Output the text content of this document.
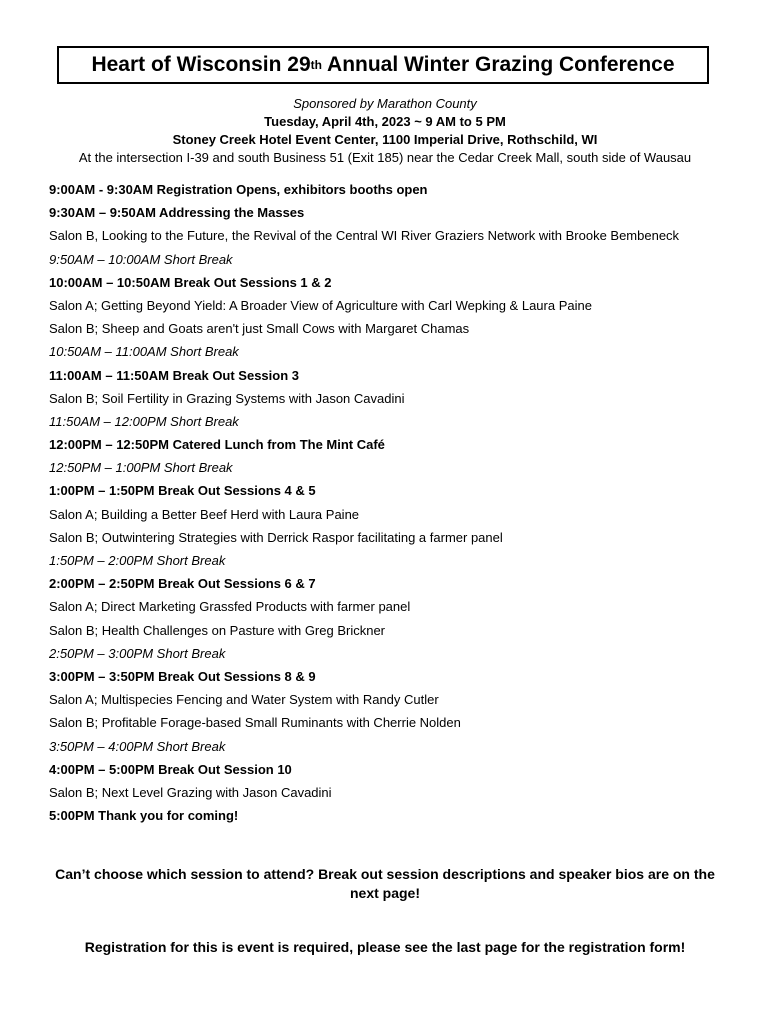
Heart of Wisconsin 29 th Annual Winter Grazing Conference
Sponsored by Marathon County
Tuesday, April 4th, 2023 ~ 9 AM to 5 PM
Stoney Creek Hotel Event Center, 1100 Imperial Drive, Rothschild, WI
At the intersection I-39 and south Business 51 (Exit 185) near the Cedar Creek Mall, south side of Wausau
9:00AM - 9:30AM Registration Opens, exhibitors booths open
9:30AM – 9:50AM Addressing the Masses
Salon B, Looking to the Future, the Revival of the Central WI River Graziers Network with Brooke Bembeneck
9:50AM – 10:00AM Short Break
10:00AM – 10:50AM Break Out Sessions 1 & 2
Salon A; Getting Beyond Yield: A Broader View of Agriculture with Carl Wepking & Laura Paine
Salon B; Sheep and Goats aren't just Small Cows with Margaret Chamas
10:50AM – 11:00AM Short Break
11:00AM – 11:50AM Break Out Session 3
Salon B; Soil Fertility in Grazing Systems with Jason Cavadini
11:50AM – 12:00PM Short Break
12:00PM – 12:50PM Catered Lunch from The Mint Café
12:50PM – 1:00PM Short Break
1:00PM – 1:50PM Break Out Sessions 4 & 5
Salon A; Building a Better Beef Herd with Laura Paine
Salon B; Outwintering Strategies with Derrick Raspor facilitating a farmer panel
1:50PM – 2:00PM Short Break
2:00PM – 2:50PM Break Out Sessions 6 & 7
Salon A; Direct Marketing Grassfed Products with farmer panel
Salon B; Health Challenges on Pasture with Greg Brickner
2:50PM – 3:00PM Short Break
3:00PM – 3:50PM Break Out Sessions 8 & 9
Salon A; Multispecies Fencing and Water System with Randy Cutler
Salon B; Profitable Forage-based Small Ruminants with Cherrie Nolden
3:50PM – 4:00PM Short Break
4:00PM – 5:00PM Break Out Session 10
Salon B; Next Level Grazing with Jason Cavadini
5:00PM Thank you for coming!
Can’t choose which session to attend? Break out session descriptions and speaker bios are on the next page!
Registration for this is event is required, please see the last page for the registration form!
